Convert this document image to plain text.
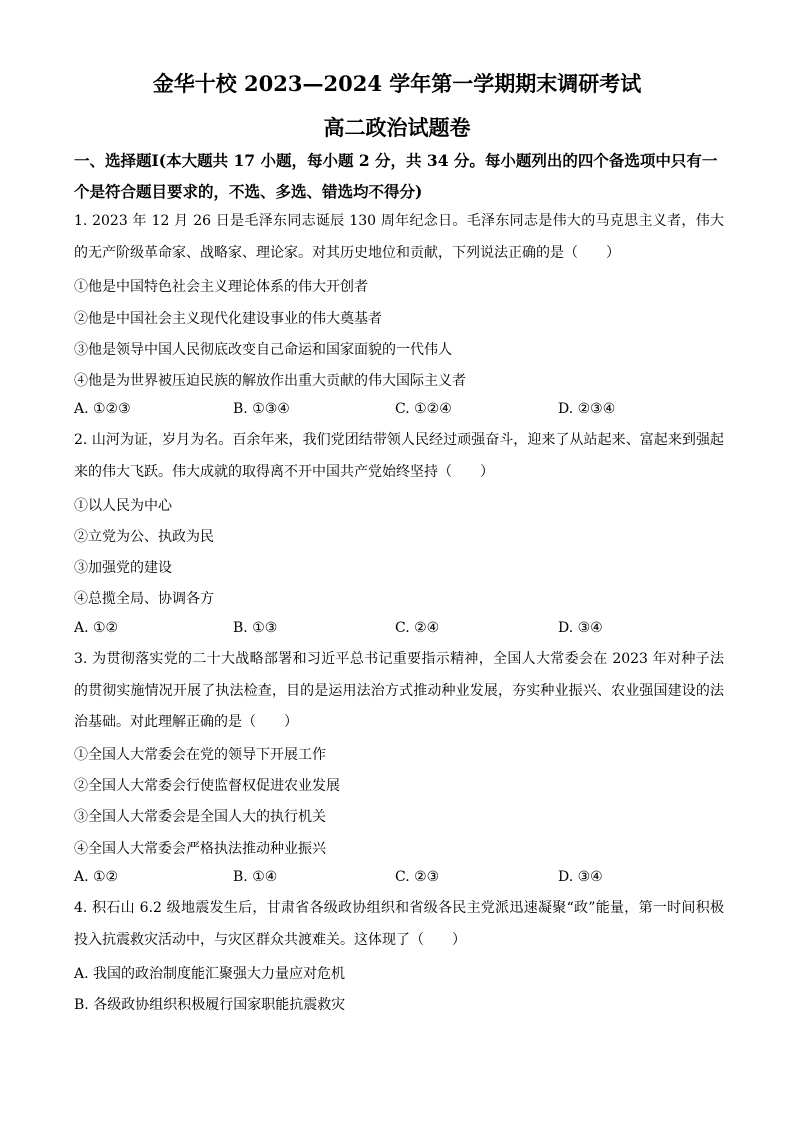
金华十校 2023—2024 学年第一学期期末调研考试
高二政治试题卷
一、选择题Ⅰ(本大题共 17 小题，每小题 2 分，共 34 分。每小题列出的四个备选项中只有一个是符合题目要求的，不选、多选、错选均不得分)
1. 2023 年 12 月 26 日是毛泽东同志诞辰 130 周年纪念日。毛泽东同志是伟大的马克思主义者，伟大的无产阶级革命家、战略家、理论家。对其历史地位和贡献，下列说法正确的是（　　）
①他是中国特色社会主义理论体系的伟大开创者
②他是中国社会主义现代化建设事业的伟大奠基者
③他是领导中国人民彻底改变自己命运和国家面貌的一代伟人
④他是为世界被压迫民族的解放作出重大贡献的伟大国际主义者
A. ①②③	B. ①③④	C. ①②④	D. ②③④
2. 山河为证，岁月为名。百余年来，我们党团结带领人民经过顽强奋斗，迎来了从站起来、富起来到强起来的伟大飞跃。伟大成就的取得离不开中国共产党始终坚持（　　）
①以人民为中心
②立党为公、执政为民
③加强党的建设
④总揽全局、协调各方
A. ①②	B. ①③	C. ②④	D. ③④
3. 为贯彻落实党的二十大战略部署和习近平总书记重要指示精神，全国人大常委会在 2023 年对种子法的贯彻实施情况开展了执法检查，目的是运用法治方式推动种业发展，夯实种业振兴、农业强国建设的法治基础。对此理解正确的是（　　）
①全国人大常委会在党的领导下开展工作
②全国人大常委会行使监督权促进农业发展
③全国人大常委会是全国人大的执行机关
④全国人大常委会严格执法推动种业振兴
A. ①②	B. ①④	C. ②③	D. ③④
4. 积石山 6.2 级地震发生后，甘肃省各级政协组织和省级各民主党派迅速凝聚“政”能量，第一时间积极投入抗震救灾活动中，与灾区群众共渡难关。这体现了（　　）
A. 我国的政治制度能汇聚强大力量应对危机
B. 各级政协组织积极履行国家职能抗震救灾
